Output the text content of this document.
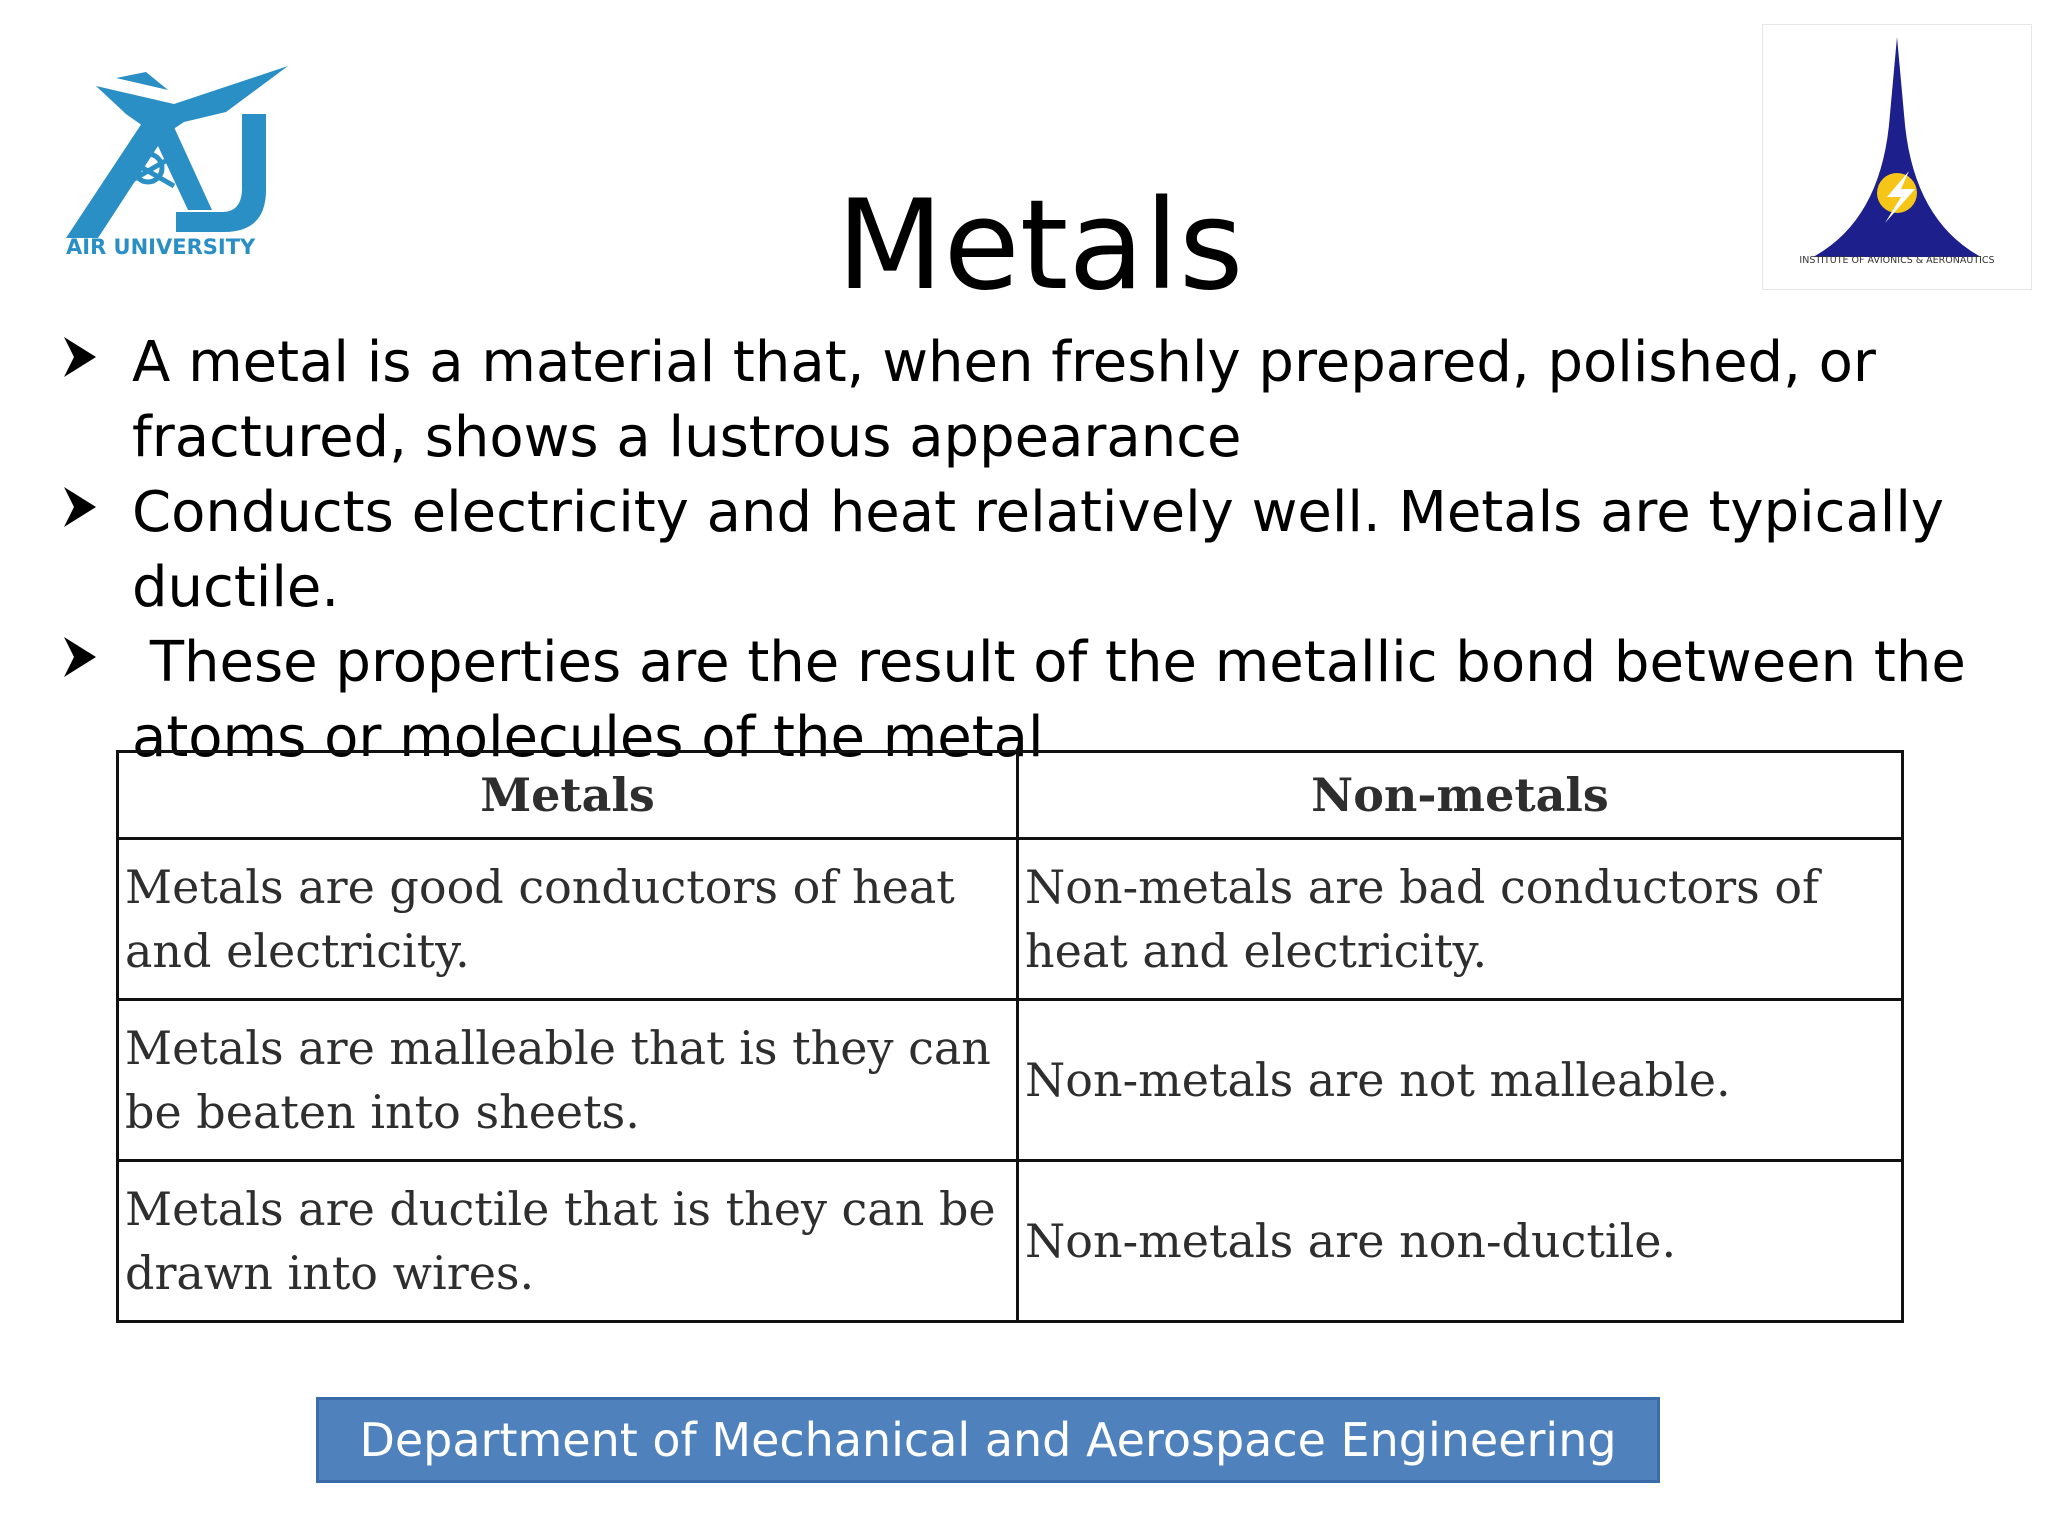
AIR UNIVERSITY	Metals	INSTITUTE OF AVIONICS & AERONAUTICS
A metal is a material that, when freshly prepared, polished, or fractured, shows a lustrous appearance
Conducts electricity and heat relatively well. Metals are typically ductile.
These properties are the result of the metallic bond between the atoms or molecules of the metal
Metals	Non-metals
Metals are good conductors of heat and electricity.	Non-metals are bad conductors of heat and electricity.
Metals are malleable that is they can be beaten into sheets.	Non-metals are not malleable.
Metals are ductile that is they can be drawn into wires.	Non-metals are non-ductile.
Department of Mechanical and Aerospace Engineering
